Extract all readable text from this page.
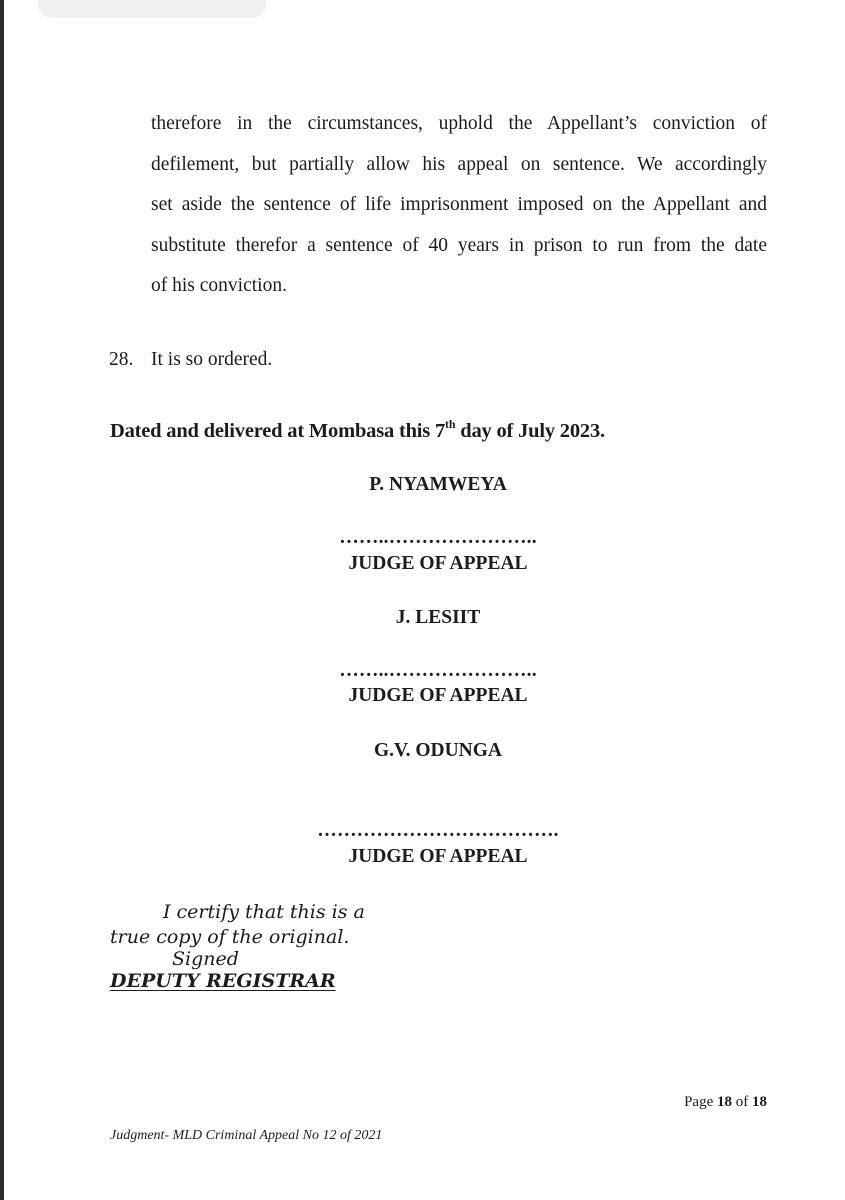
therefore in the circumstances, uphold the Appellant’s conviction of
defilement, but partially allow his appeal on sentence. We accordingly
set aside the sentence of life imprisonment imposed on the Appellant and
substitute therefor a sentence of 40 years in prison to run from the date
of his conviction.

28. It is so ordered.
Dated and delivered at Mombasa this 7th day of July 2023.
P. NYAMWEYA
……..…………………..
JUDGE OF APPEAL
J. LESIIT
……..…………………..
JUDGE OF APPEAL
G.V. ODUNGA
……………………………….
JUDGE OF APPEAL
I certify that this is a
true copy of the original.
Signed
DEPUTY REGISTRAR
Page 18 of 18
Judgment- MLD Criminal Appeal No 12 of 2021
